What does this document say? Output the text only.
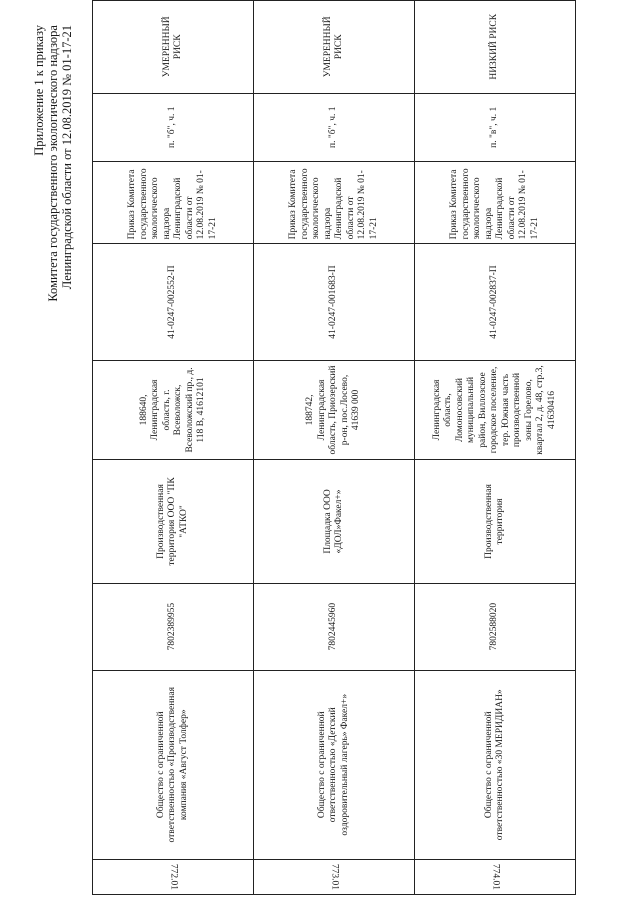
Приложение 1 к приказу Комитета государственного экологического надзора Ленинградской области от 12.08.2019 № 01-17-21
772.01	Общество с ограниченной ответственностью «Производственная компания «Август Толфер»	7802389955	Производственная территория ООО "ПК "АТКО"	188640, Ленинградская область, г. Всеволожск, Всеволожский пр., д. 118 В, 41612101	41-0247-002552-П	Приказ Комитета государственного экологического надзора Ленинградской области от 12.08.2019 № 01-17-21	п. "б", ч. 1	УМЕРЕННЫЙ РИСК

773.01	Общество с ограниченной ответственностью «Детский оздоровительный лагерь» Факел+»	7802445960	Площадка ООО «ДОЛ»Факел+»	188742, Ленинградская область, Приозерский р-он, пос.Лосево, 41639 000	41-0247-001683-П	Приказ Комитета государственного экологического надзора Ленинградской области от 12.08.2019 № 01-17-21	п. "б", ч. 1	УМЕРЕННЫЙ РИСК

774.01	Общество с ограниченной ответственностью «30 МЕРИДИАН»	7802588020	Производственная территория	Ленинградская область, Ломоносовский муниципальный район, Виллозское городское поселение, тер. Южная часть производственной зоны Горелово, квартал 2, д. 48, стр.3, 41630416	41-0247-002837-П	Приказ Комитета государственного экологического надзора Ленинградской области от 12.08.2019 № 01-17-21	п. "в", ч. 1	НИЗКИЙ РИСК
